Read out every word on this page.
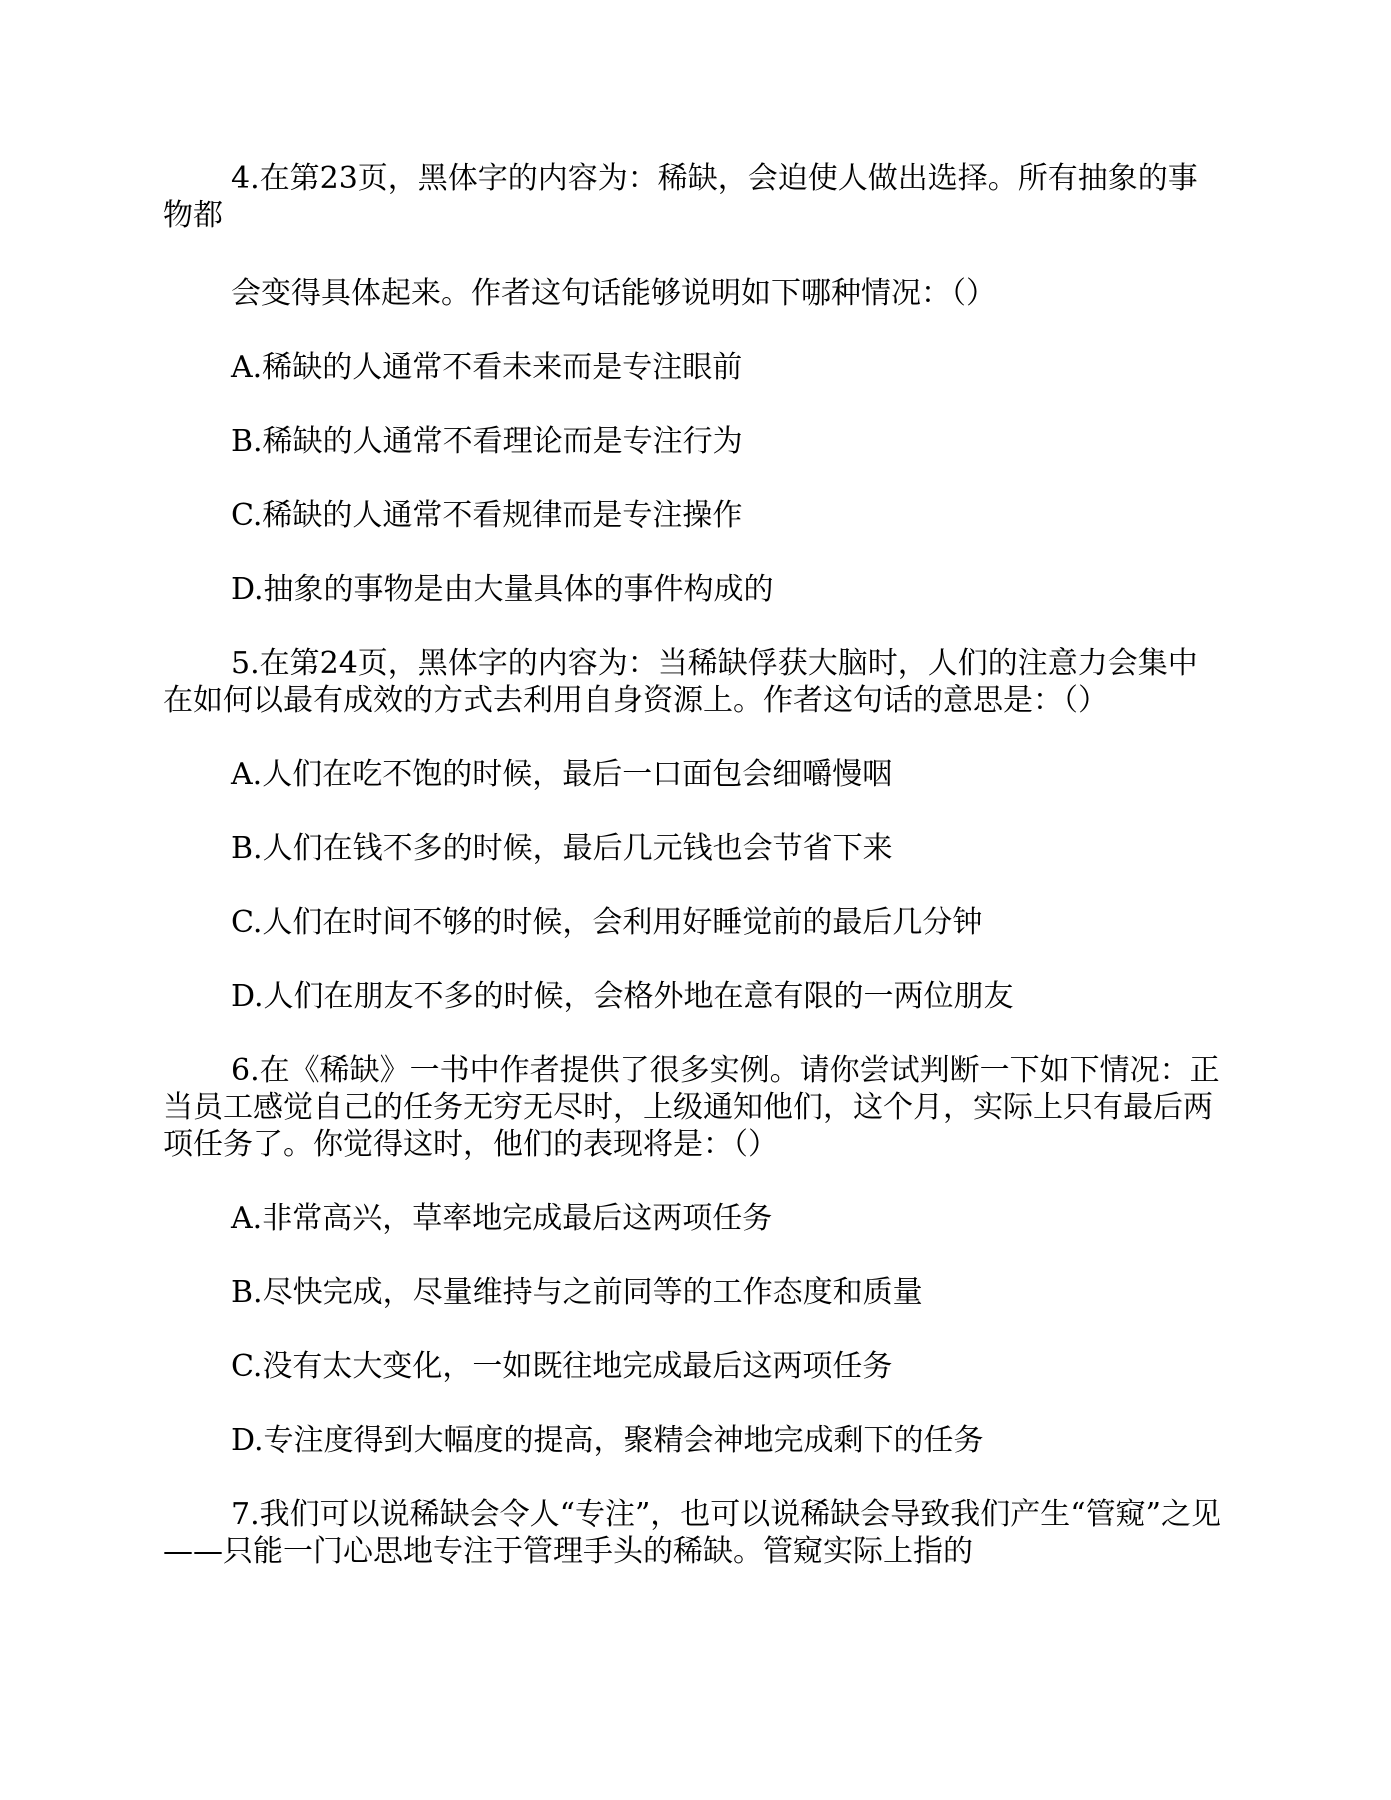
4.在第23页，黑体字的内容为：稀缺，会迫使人做出选择。所有抽象的事物都

会变得具体起来。作者这句话能够说明如下哪种情况：（）

A.稀缺的人通常不看未来而是专注眼前

B.稀缺的人通常不看理论而是专注行为

C.稀缺的人通常不看规律而是专注操作

D.抽象的事物是由大量具体的事件构成的

5.在第24页，黑体字的内容为：当稀缺俘获大脑时，人们的注意力会集中在如何以最有成效的方式去利用自身资源上。作者这句话的意思是：（）

A.人们在吃不饱的时候，最后一口面包会细嚼慢咽

B.人们在钱不多的时候，最后几元钱也会节省下来

C.人们在时间不够的时候，会利用好睡觉前的最后几分钟

D.人们在朋友不多的时候，会格外地在意有限的一两位朋友

6.在《稀缺》一书中作者提供了很多实例。请你尝试判断一下如下情况：正当员工感觉自己的任务无穷无尽时，上级通知他们，这个月，实际上只有最后两项任务了。你觉得这时，他们的表现将是：（）

A.非常高兴，草率地完成最后这两项任务

B.尽快完成，尽量维持与之前同等的工作态度和质量

C.没有太大变化，一如既往地完成最后这两项任务

D.专注度得到大幅度的提高，聚精会神地完成剩下的任务

7.我们可以说稀缺会令人“专注”，也可以说稀缺会导致我们产生“管窥”之见——只能一门心思地专注于管理手头的稀缺。管窥实际上指的
